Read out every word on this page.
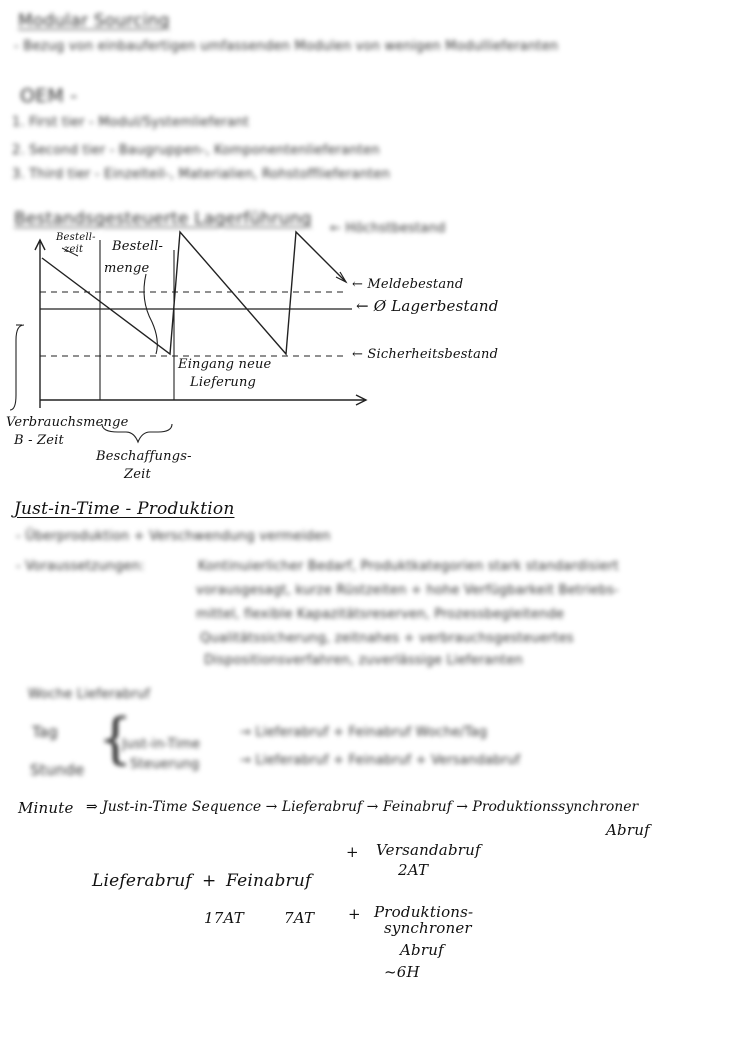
Modular Sourcing
- Bezug von einbaufertigen umfassenden Modulen von wenigen Modullieferanten
OEM -
1. First tier - Modul/Systemlieferant
2. Second tier - Baugruppen-, Komponentenlieferanten
3. Third tier - Einzelteil-, Materialien, Rohstofflieferanten
Bestandsgesteuerte Lagerführung ← Höchstbestand
Bestell-
zeit Bestell-
menge
← Meldebestand
← Ø Lagerbestand
← Sicherheitsbestand
Eingang neue
Lieferung
Verbrauchsmenge
B - Zeit
Beschaffungs-
Zeit
Just-in-Time - Produktion
- Überproduktion + Verschwendung vermeiden
- Voraussetzungen:	Kontinuierlicher Bedarf, Produktkategorien stark standardisiert
vorausgesagt, kurze Rüstzeiten + hohe Verfügbarkeit Betriebs-
mittel, flexible Kapazitätsreserven, Prozessbegleitende
Qualitätssicherung, zeitnahes + verbrauchsgesteuertes
Dispositionsverfahren, zuverlässige Lieferanten
Woche Lieferabruf
Tag
Stunde {
Just-in-Time
Steuerung
→ Lieferabruf + Feinabruf Woche/Tag
→ Lieferabruf + Feinabruf + Versandabruf
Minute ⇒ Just-in-Time Sequence → Lieferabruf → Feinabruf → Produktionssynchroner
Abruf
+ Versandabruf
2AT
Lieferabruf + Feinabruf
17AT	7AT + Produktions-
synchroner
Abruf
~6H
